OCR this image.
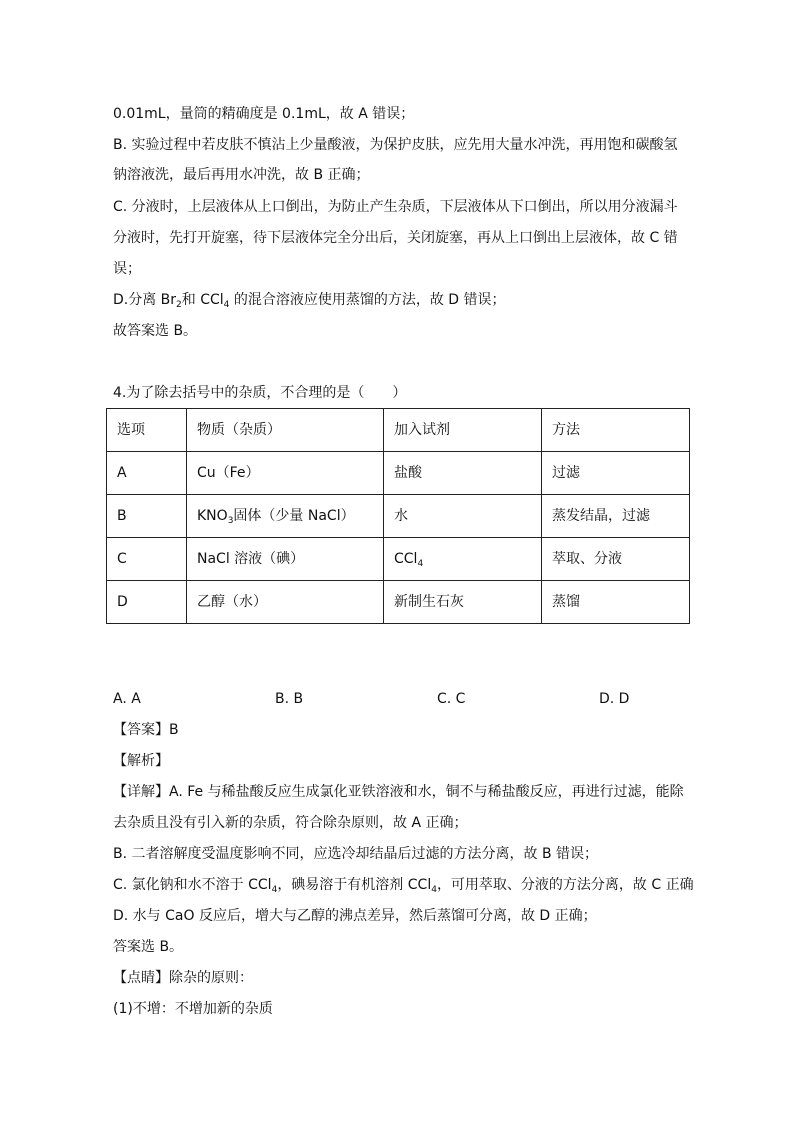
0.01mL，量筒的精确度是 0.1mL，故 A 错误；
B. 实验过程中若皮肤不慎沾上少量酸液，为保护皮肤，应先用大量水冲洗，再用饱和碳酸氢
钠溶液洗，最后再用水冲洗，故 B 正确；
C. 分液时，上层液体从上口倒出，为防止产生杂质，下层液体从下口倒出，所以用分液漏斗
分液时，先打开旋塞，待下层液体完全分出后，关闭旋塞，再从上口倒出上层液体，故 C 错
误；
D.分离 $Br_2$和 CCl$_4$ 的混合溶液应使用蒸馏的方法，故 D 错误；
故答案选 B。
4.为了除去括号中的杂质，不合理的是（　　）
选项	物质（杂质）	加入试剂	方法
A	Cu（Fe）	盐酸	过滤
B	$KNO_3$固体（少量 NaCl）	水	蒸发结晶，过滤
C	NaCl 溶液（碘）	CCl$_4$	萃取、分液
D	乙醇（水）	新制生石灰	蒸馏
A. A	B. B	C. C	D. D
【答案】B
【解析】
【详解】A. Fe 与稀盐酸反应生成氯化亚铁溶液和水，铜不与稀盐酸反应，再进行过滤，能除
去杂质且没有引入新的杂质，符合除杂原则，故 A 正确；
B. 二者溶解度受温度影响不同，应选冷却结晶后过滤的方法分离，故 B 错误；
C. 氯化钠和水不溶于 CCl$_4$，碘易溶于有机溶剂 CCl$_4$，可用萃取、分液的方法分离，故 C 正确
D. 水与 CaO 反应后，增大与乙醇的沸点差异，然后蒸馏可分离，故 D 正确；
答案选 B。
【点睛】除杂的原则：
(1)不增：不增加新的杂质
